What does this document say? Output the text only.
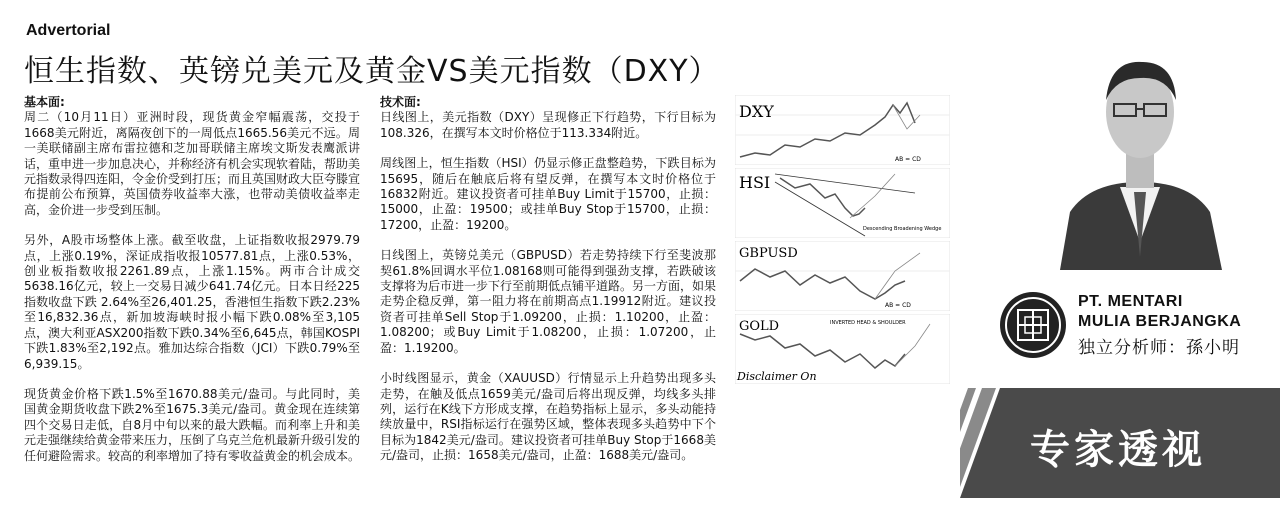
Advertorial
恒生指数、英镑兑美元及黄金VS美元指数（DXY）
基本面:

周二（10月11日）亚洲时段，现货黄金窄幅震荡，交投于1668美元附近，离隔夜创下的一周低点1665.56美元不远。周一美联储副主席布雷拉德和芝加哥联储主席埃文斯发表鹰派讲话，重申进一步加息决心，并称经济有机会实现软着陆，帮助美元指数录得四连阳，令金价受到打压；而且英国财政大臣夸滕宣布提前公布预算，英国债券收益率大涨，也带动美债收益率走高，金价进一步受到压制。

另外，A股市场整体上涨。截至收盘，上证指数收报2979.79点，上涨0.19%，深证成指收报10577.81点，上涨0.53%，创业板指数收报2261.89点，上涨1.15%。两市合计成交5638.16亿元，较上一交易日减少641.74亿元。日本日经225指数收盘下跌 2.64%至26,401.25，香港恒生指数下跌2.23%至16,832.36点，新加坡海峡时报小幅下跌0.08%至3,105点，澳大利亚ASX200指数下跌0.34%至6,645点，韩国KOSPI下跌1.83%至2,192点。雅加达综合指数（JCI）下跌0.79%至6,939.15。

现货黄金价格下跌1.5%至1670.88美元/盎司。与此同时，美国黄金期货收盘下跌2%至1675.3美元/盎司。黄金现在连续第四个交易日走低，自8月中旬以来的最大跌幅。而利率上升和美元走强继续给黄金带来压力，压倒了乌克兰危机最新升级引发的任何避险需求。较高的利率增加了持有零收益黄金的机会成本。

技术面:

日线图上，美元指数（DXY）呈现修正下行趋势，下行目标为108.326，在撰写本文时价格位于113.334附近。

周线图上，恒生指数（HSI）仍显示修正盘整趋势，下跌目标为15695，随后在触底后将有望反弹，在撰写本文时价格位于16832附近。建议投资者可挂单Buy Limit于15700，止损：15000，止盈：19500；或挂单Buy Stop于15700，止损：17200，止盈：19200。

日线图上，英镑兑美元（GBPUSD）若走势持续下行至斐波那契61.8%回调水平位1.08168则可能得到强劲支撑，若跌破该支撑将为后市进一步下行至前期低点铺平道路。另一方面，如果走势企稳反弹，第一阻力将在前期高点1.19912附近。建议投资者可挂单Sell Stop于1.09200，止损：1.10200，止盈：1.08200；或Buy Limit于1.08200，止损：1.07200，止盈：1.19200。

小时线图显示，黄金（XAUUSD）行情显示上升趋势出现多头走势，在触及低点1659美元/盎司后将出现反弹，均线多头排列，运行在K线下方形成支撑，在趋势指标上显示，多头动能持续放量中，RSI指标运行在强势区域，整体表现多头趋势中下个目标为1842美元/盎司。建议投资者可挂单Buy Stop于1668美元/盎司，止损：1658美元/盎司，止盈：1688美元/盎司。

DXY
AB = CD
HSI
Descending Broadening Wedge
GBPUSD
AB = CD
GOLD	INVERTED HEAD & SHOULDER
Disclaimer On
PT. MENTARI
MULIA BERJANGKA
独立分析师：孫小明
专家透视
